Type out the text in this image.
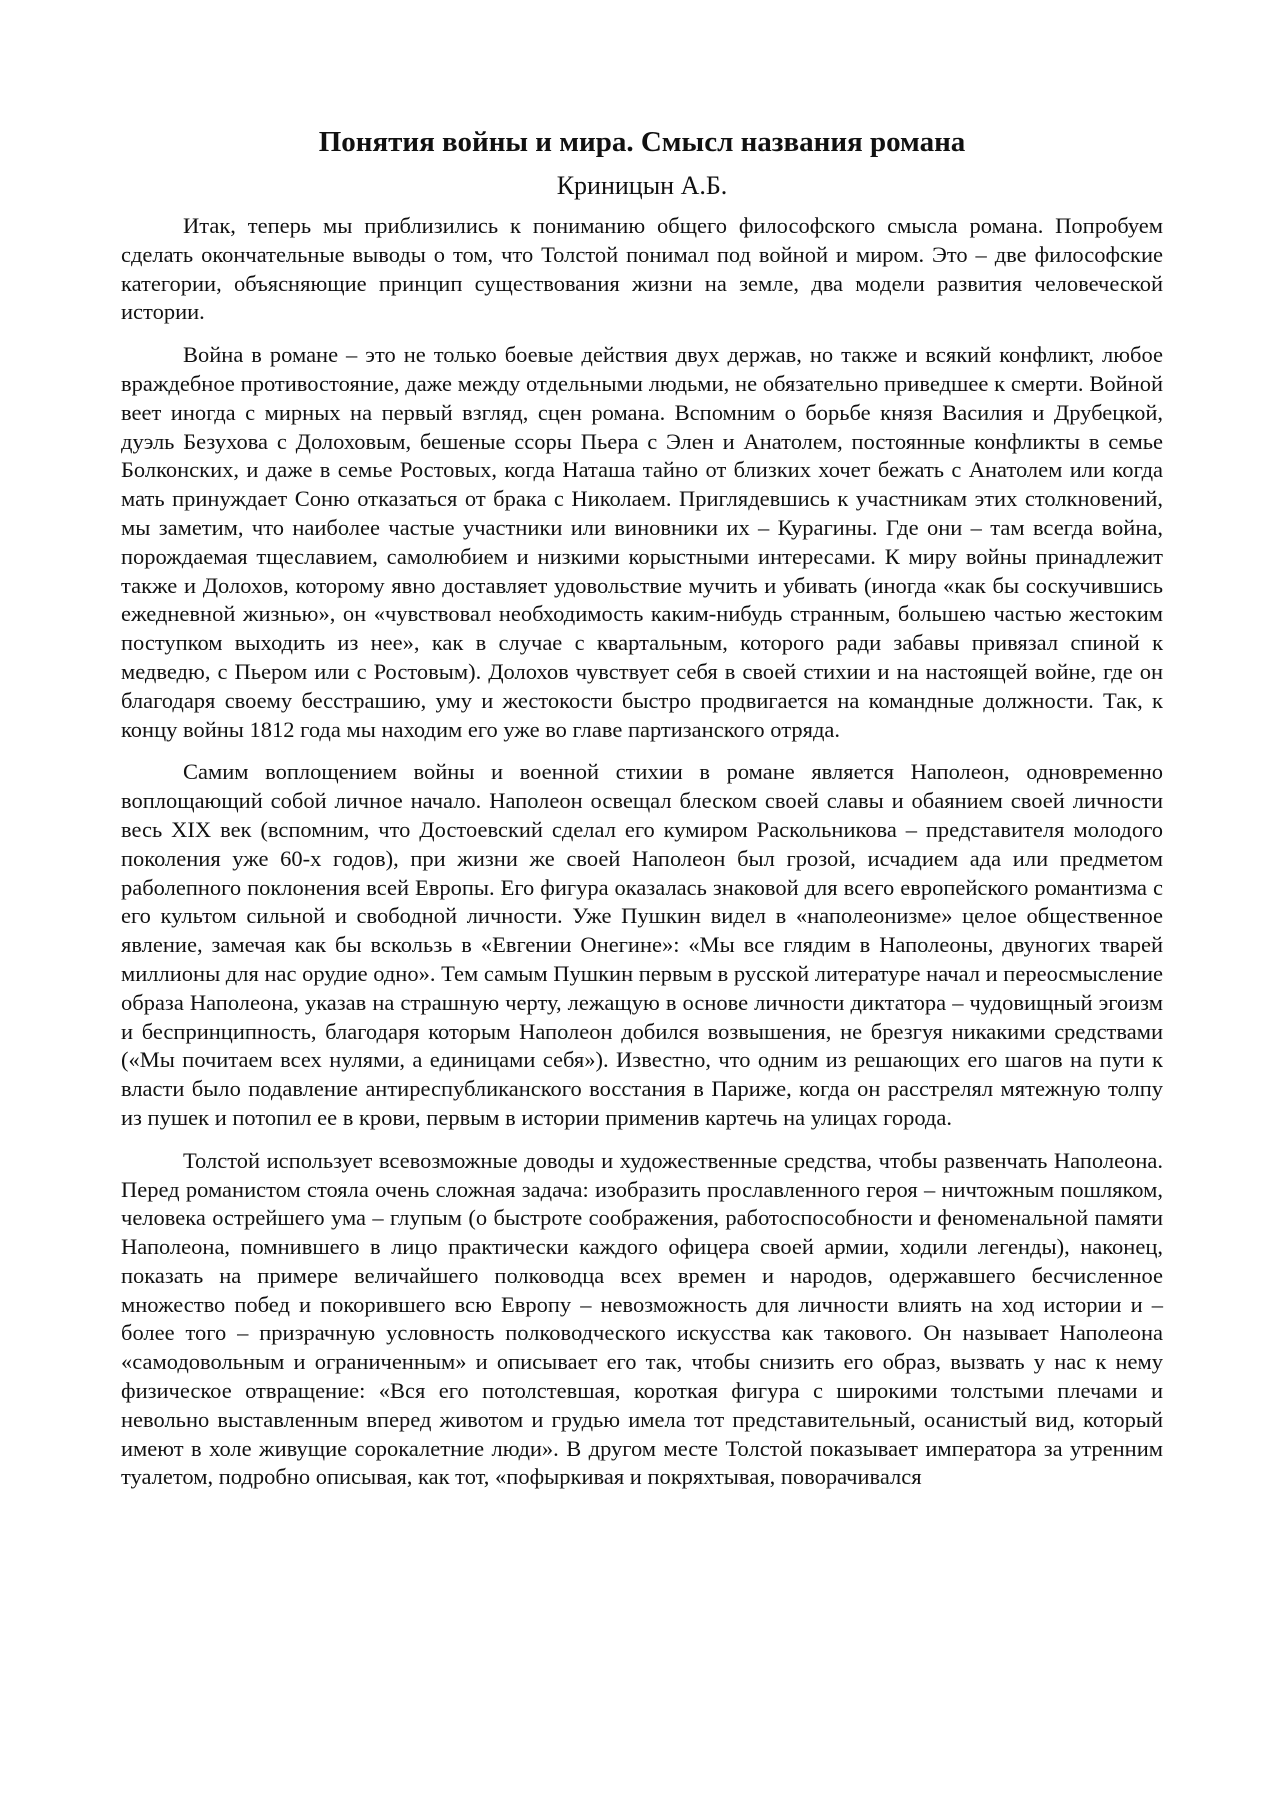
Понятия войны и мира. Смысл названия романа
Криницын А.Б.

Итак, теперь мы приблизились к пониманию общего философского смысла романа. Попробуем сделать окончательные выводы о том, что Толстой понимал под войной и миром. Это – две философские категории, объясняющие принцип существования жизни на земле, два модели развития человеческой истории.

Война в романе – это не только боевые действия двух держав, но также и всякий конфликт, любое враждебное противостояние, даже между отдельными людьми, не обязательно приведшее к смерти. Войной веет иногда с мирных на первый взгляд, сцен романа. Вспомним о борьбе князя Василия и Друбецкой, дуэль Безухова с Долоховым, бешеные ссоры Пьера с Элен и Анатолем, постоянные конфликты в семье Болконских, и даже в семье Ростовых, когда Наташа тайно от близких хочет бежать с Анатолем или когда мать принуждает Соню отказаться от брака с Николаем. Приглядевшись к участникам этих столкновений, мы заметим, что наиболее частые участники или виновники их – Курагины. Где они – там всегда война, порождаемая тщеславием, самолюбием и низкими корыстными интересами. К миру войны принадлежит также и Долохов, которому явно доставляет удовольствие мучить и убивать (иногда «как бы соскучившись ежедневной жизнью», он «чувствовал необходимость каким-нибудь странным, большею частью жестоким поступком выходить из нее», как в случае с квартальным, которого ради забавы привязал спиной к медведю, с Пьером или с Ростовым). Долохов чувствует себя в своей стихии и на настоящей войне, где он благодаря своему бесстрашию, уму и жестокости быстро продвигается на командные должности. Так, к концу войны 1812 года мы находим его уже во главе партизанского отряда.

Самим воплощением войны и военной стихии в романе является Наполеон, одновременно воплощающий собой личное начало. Наполеон освещал блеском своей славы и обаянием своей личности весь XIX век (вспомним, что Достоевский сделал его кумиром Раскольникова – представителя молодого поколения уже 60-х годов), при жизни же своей Наполеон был грозой, исчадием ада или предметом раболепного поклонения всей Европы. Его фигура оказалась знаковой для всего европейского романтизма с его культом сильной и свободной личности. Уже Пушкин видел в «наполеонизме» целое общественное явление, замечая как бы вскользь в «Евгении Онегине»: «Мы все глядим в Наполеоны, двуногих тварей миллионы для нас орудие одно». Тем самым Пушкин первым в русской литературе начал и переосмысление образа Наполеона, указав на страшную черту, лежащую в основе личности диктатора – чудовищный эгоизм и беспринципность, благодаря которым Наполеон добился возвышения, не брезгуя никакими средствами («Мы почитаем всех нулями, а единицами себя»). Известно, что одним из решающих его шагов на пути к власти было подавление антиреспубликанского восстания в Париже, когда он расстрелял мятежную толпу из пушек и потопил ее в крови, первым в истории применив картечь на улицах города.

Толстой использует всевозможные доводы и художественные средства, чтобы развенчать Наполеона. Перед романистом стояла очень сложная задача: изобразить прославленного героя – ничтожным пошляком, человека острейшего ума – глупым (о быстроте соображения, работоспособности и феноменальной памяти Наполеона, помнившего в лицо практически каждого офицера своей армии, ходили легенды), наконец, показать на примере величайшего полководца всех времен и народов, одержавшего бесчисленное множество побед и покорившего всю Европу – невозможность для личности влиять на ход истории и – более того – призрачную условность полководческого искусства как такового. Он называет Наполеона «самодовольным и ограниченным» и описывает его так, чтобы снизить его образ, вызвать у нас к нему физическое отвращение: «Вся его потолстевшая, короткая фигура с широкими толстыми плечами и невольно выставленным вперед животом и грудью имела тот представительный, осанистый вид, который имеют в холе живущие сорокалетние люди». В другом месте Толстой показывает императора за утренним туалетом, подробно описывая, как тот, «пофыркивая и покряхтывая, поворачивался
